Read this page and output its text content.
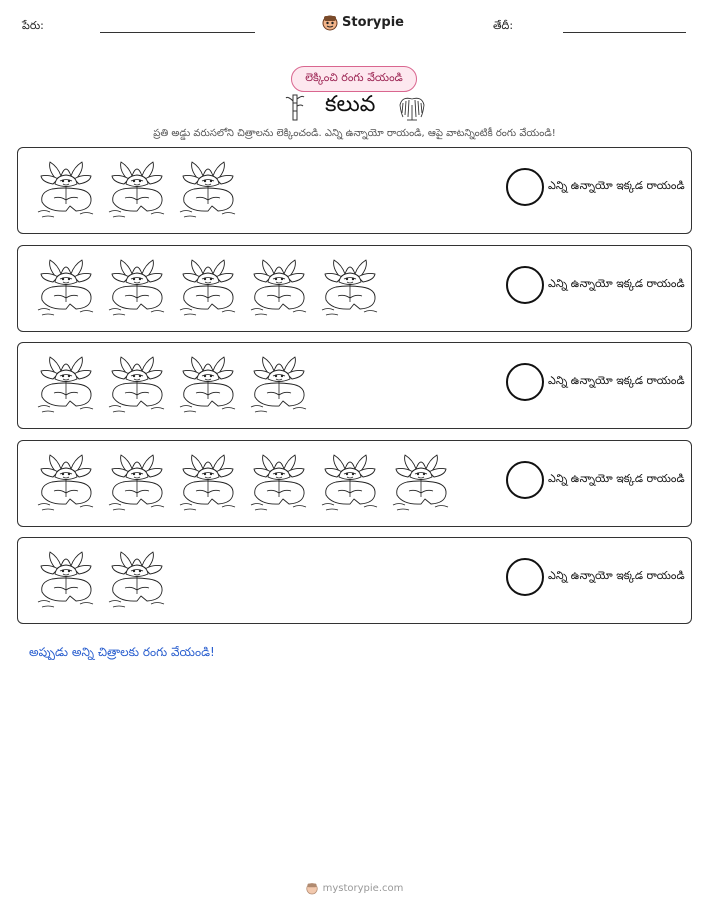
పేరు:	Storypie	తేదీ:
లెక్కించి రంగు వేయండి
కలువ
ప్రతి అడ్డు వరుసలోని చిత్రాలను లెక్కించండి. ఎన్ని ఉన్నాయో రాయండి, ఆపై వాటన్నింటికీ రంగు వేయండి!
ఎన్ని ఉన్నాయో ఇక్కడ రాయండి
ఎన్ని ఉన్నాయో ఇక్కడ రాయండి
ఎన్ని ఉన్నాయో ఇక్కడ రాయండి
ఎన్ని ఉన్నాయో ఇక్కడ రాయండి
ఎన్ని ఉన్నాయో ఇక్కడ రాయండి
అప్పుడు అన్ని చిత్రాలకు రంగు వేయండి!
mystorypie.com
